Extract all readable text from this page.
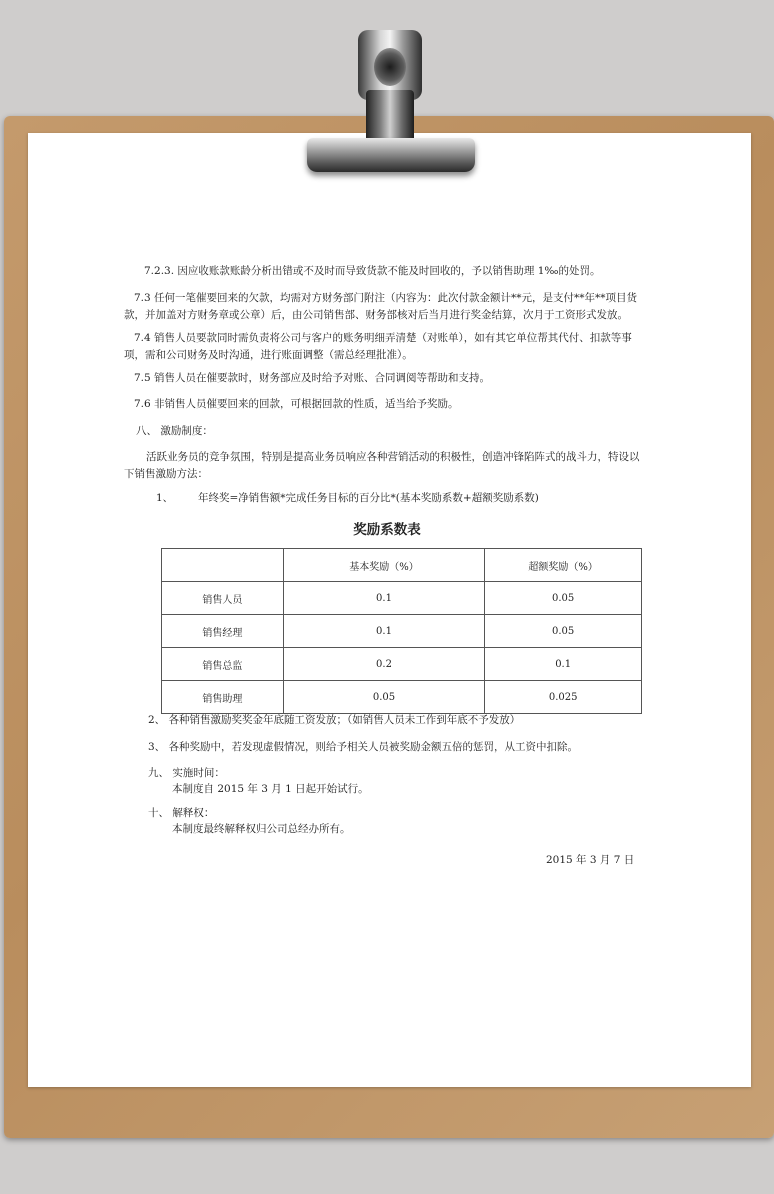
7.2.3. 因应收账款账龄分析出错或不及时而导致货款不能及时回收的，予以销售助理 1‰的处罚。
7.3 任何一笔催要回来的欠款，均需对方财务部门附注（内容为：此次付款金额计**元，是支付**年**项目货
款，并加盖对方财务章或公章）后，由公司销售部、财务部核对后当月进行奖金结算，次月于工资形式发放。
7.4 销售人员要款同时需负责将公司与客户的账务明细弄清楚（对账单），如有其它单位帮其代付、扣款等事
项，需和公司财务及时沟通，进行账面调整（需总经理批准）。
7.5 销售人员在催要款时，财务部应及时给予对账、合同调阅等帮助和支持。
7.6 非销售人员催要回来的回款，可根据回款的性质，适当给予奖励。
八、 激励制度：
活跃业务员的竞争氛围，特别是提高业务员响应各种营销活动的积极性，创造冲锋陷阵式的战斗力，特设以
下销售激励方法：
1、 年终奖=净销售额*完成任务目标的百分比*(基本奖励系数+超额奖励系数)
奖励系数表
	基本奖励（%）	超额奖励（%）
销售人员	0.1	0.05
销售经理	0.1	0.05
销售总监	0.2	0.1
销售助理	0.05	0.025
2、 各种销售激励奖奖金年底随工资发放；（如销售人员未工作到年底不予发放）
3、 各种奖励中，若发现虚假情况，则给予相关人员被奖励金额五倍的惩罚，从工资中扣除。
九、 实施时间：
本制度自 2015 年 3 月 1 日起开始试行。
十、 解释权：
本制度最终解释权归公司总经办所有。
2015 年 3 月 7 日
